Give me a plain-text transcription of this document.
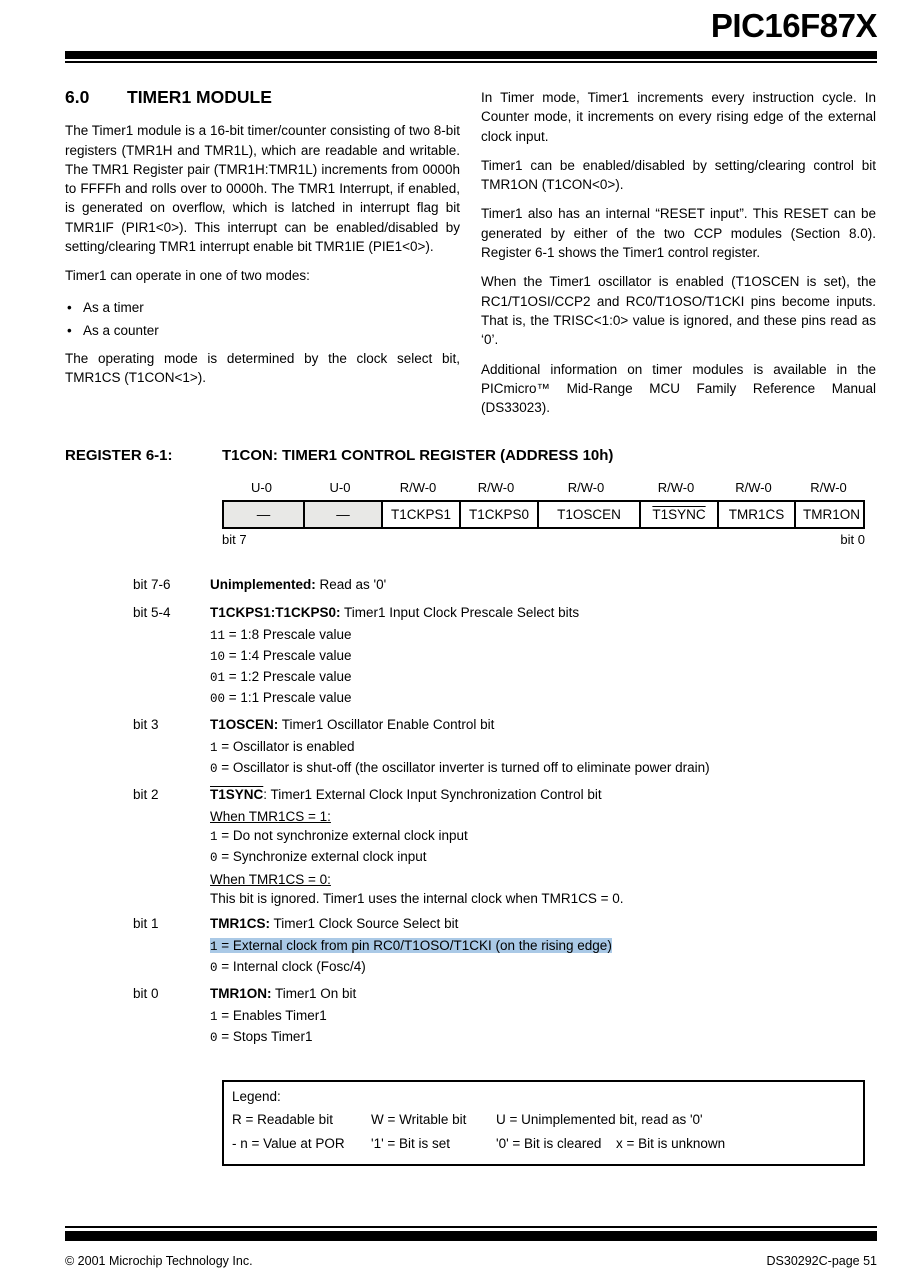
PIC16F87X
6.0	TIMER1 MODULE

The Timer1 module is a 16-bit timer/counter consisting of two 8-bit registers (TMR1H and TMR1L), which are readable and writable. The TMR1 Register pair (TMR1H:TMR1L) increments from 0000h to FFFFh and rolls over to 0000h. The TMR1 Interrupt, if enabled, is generated on overflow, which is latched in interrupt flag bit TMR1IF (PIR1<0>). This interrupt can be enabled/disabled by setting/clearing TMR1 interrupt enable bit TMR1IE (PIE1<0>).

Timer1 can operate in one of two modes:

• As a timer
• As a counter

The operating mode is determined by the clock select bit, TMR1CS (T1CON<1>).

In Timer mode, Timer1 increments every instruction cycle. In Counter mode, it increments on every rising edge of the external clock input.

Timer1 can be enabled/disabled by setting/clearing control bit TMR1ON (T1CON<0>).

Timer1 also has an internal “RESET input”. This RESET can be generated by either of the two CCP modules (Section 8.0). Register 6-1 shows the Timer1 control register.

When the Timer1 oscillator is enabled (T1OSCEN is set), the RC1/T1OSI/CCP2 and RC0/T1OSO/T1CKI pins become inputs. That is, the TRISC<1:0> value is ignored, and these pins read as ‘0’.

Additional information on timer modules is available in the PICmicro™ Mid-Range MCU Family Reference Manual (DS33023).

REGISTER 6-1:	T1CON: TIMER1 CONTROL REGISTER (ADDRESS 10h)
U-0	U-0	R/W-0	R/W-0	R/W-0	R/W-0	R/W-0	R/W-0
—	—	T1CKPS1	T1CKPS0	T1OSCEN	T1SYNC	TMR1CS	TMR1ON
bit 7	bit 0
bit 7-6	Unimplemented: Read as '0'
bit 5-4	T1CKPS1:T1CKPS0: Timer1 Input Clock Prescale Select bits
11 = 1:8 Prescale value
10 = 1:4 Prescale value
01 = 1:2 Prescale value
00 = 1:1 Prescale value
bit 3	T1OSCEN: Timer1 Oscillator Enable Control bit
1 = Oscillator is enabled
0 = Oscillator is shut-off (the oscillator inverter is turned off to eliminate power drain)
bit 2	T1SYNC: Timer1 External Clock Input Synchronization Control bit
When TMR1CS = 1:
1 = Do not synchronize external clock input
0 = Synchronize external clock input
When TMR1CS = 0:
This bit is ignored. Timer1 uses the internal clock when TMR1CS = 0.
bit 1	TMR1CS: Timer1 Clock Source Select bit
1 = External clock from pin RC0/T1OSO/T1CKI (on the rising edge)
0 = Internal clock (Fosc/4)
bit 0	TMR1ON: Timer1 On bit
1 = Enables Timer1
0 = Stops Timer1
Legend:
R = Readable bit	W = Writable bit	U = Unimplemented bit, read as '0'
- n = Value at POR	'1' = Bit is set	'0' = Bit is cleared	x = Bit is unknown
© 2001 Microchip Technology Inc.	DS30292C-page 51
